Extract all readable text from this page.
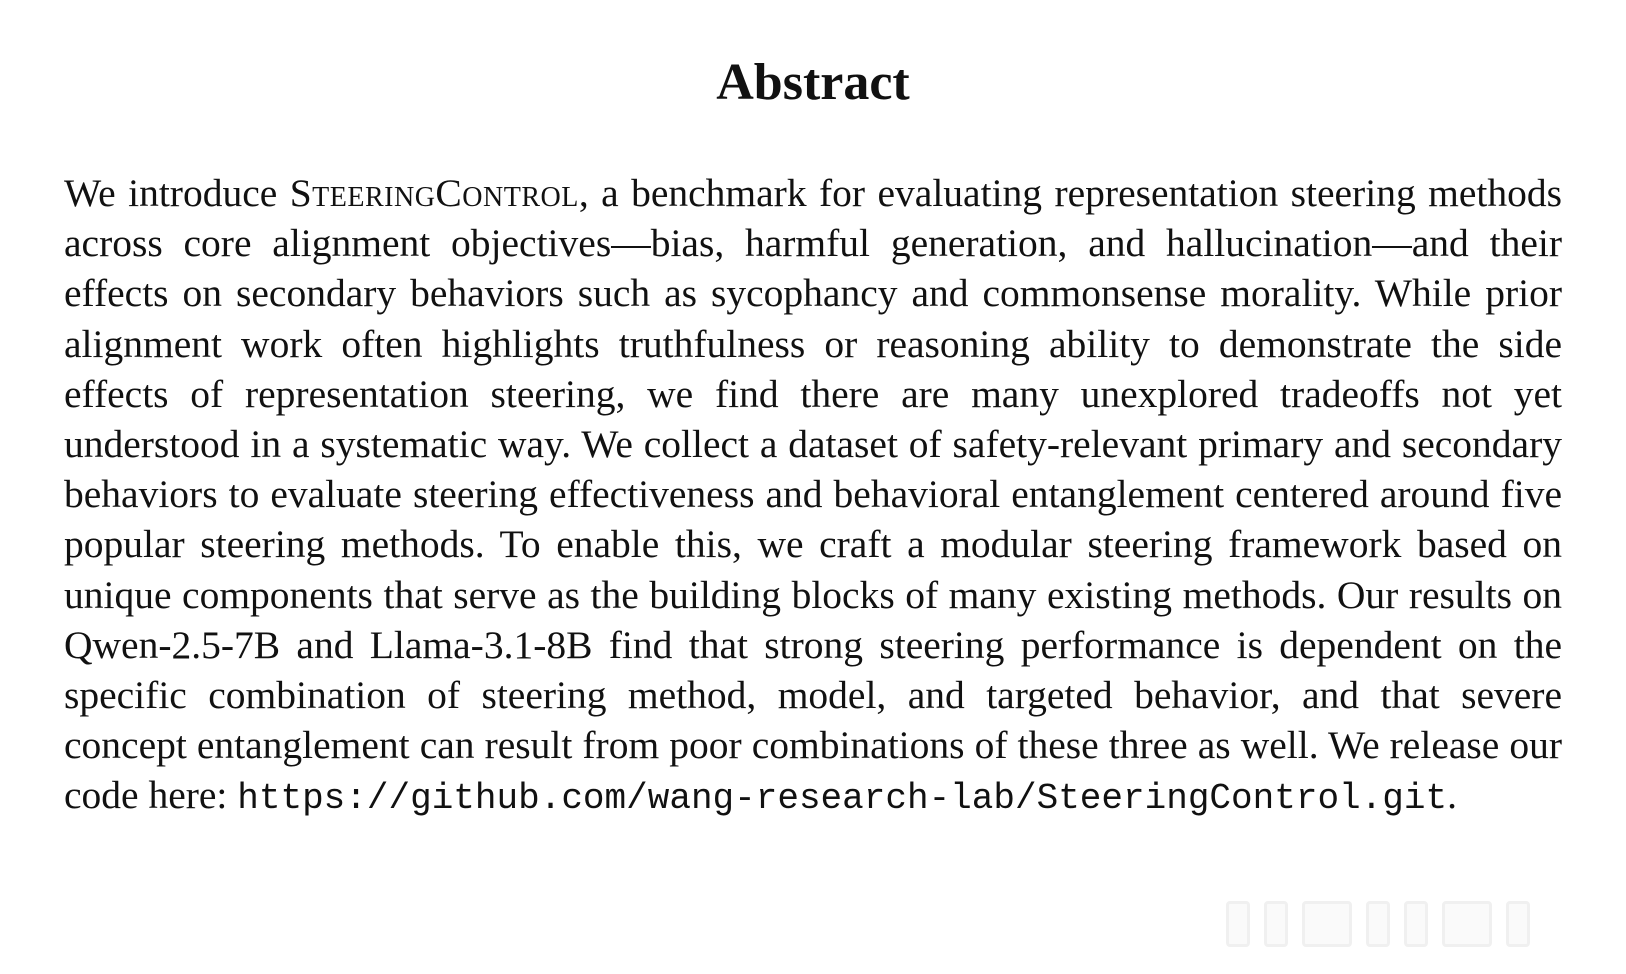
Abstract

We introduce SteeringControl, a benchmark for evaluating representation steering methods across core alignment objectives—bias, harmful generation, and hallucination—and their effects on secondary behaviors such as sycophancy and commonsense morality. While prior alignment work often highlights truthfulness or reasoning ability to demonstrate the side effects of representation steering, we find there are many unexplored tradeoffs not yet understood in a systematic way. We collect a dataset of safety-relevant primary and secondary behaviors to evaluate steering effectiveness and behavioral entanglement centered around five popular steering methods. To enable this, we craft a modular steering framework based on unique components that serve as the building blocks of many existing methods. Our results on Qwen-2.5-7B and Llama-3.1-8B find that strong steering performance is dependent on the specific combination of steering method, model, and targeted behavior, and that severe concept entanglement can result from poor combinations of these three as well. We release our code here: https://github.com/wang-research-lab/SteeringControl.git.
